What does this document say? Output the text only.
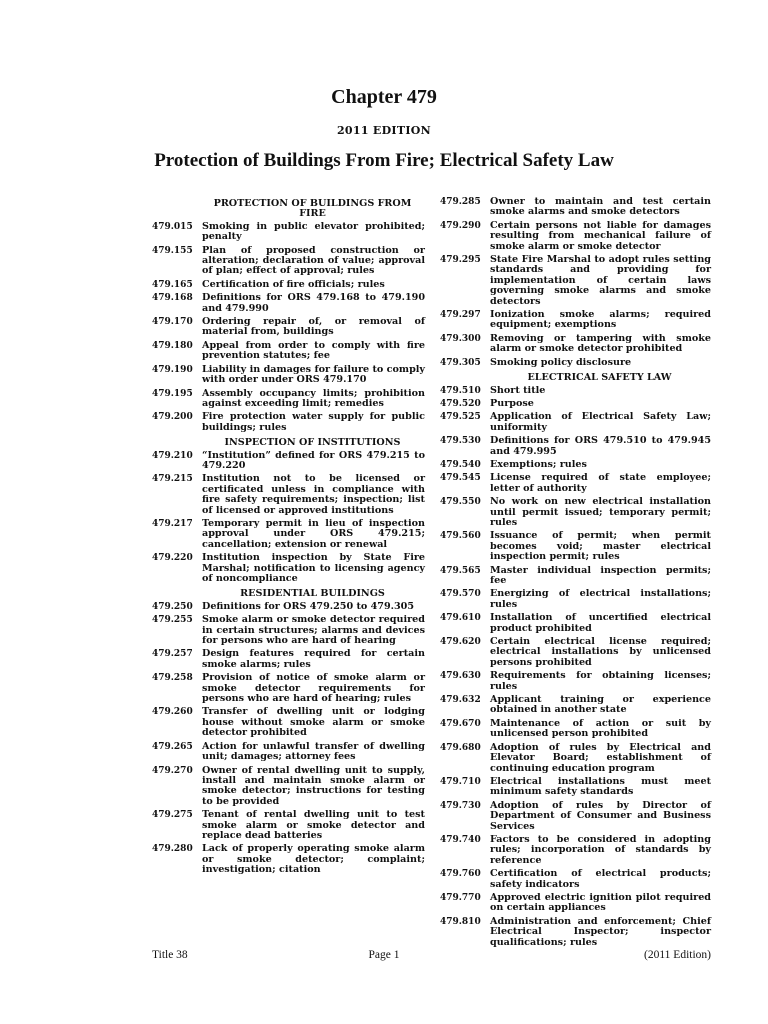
Chapter 479
2011 EDITION
Protection of Buildings From Fire; Electrical Safety Law
PROTECTION OF BUILDINGS FROM FIRE
479.015 Smoking in public elevator prohibited; penalty
479.155 Plan of proposed construction or alteration; declaration of value; approval of plan; effect of approval; rules
479.165 Certification of fire officials; rules
479.168 Definitions for ORS 479.168 to 479.190 and 479.990
479.170 Ordering repair of, or removal of material from, buildings
479.180 Appeal from order to comply with fire prevention statutes; fee
479.190 Liability in damages for failure to comply with order under ORS 479.170
479.195 Assembly occupancy limits; prohibition against exceeding limit; remedies
479.200 Fire protection water supply for public buildings; rules
INSPECTION OF INSTITUTIONS
479.210 “Institution” defined for ORS 479.215 to 479.220
479.215 Institution not to be licensed or certificated unless in compliance with fire safety requirements; inspection; list of licensed or approved institutions
479.217 Temporary permit in lieu of inspection approval under ORS 479.215; cancellation; extension or renewal
479.220 Institution inspection by State Fire Marshal; notification to licensing agency of noncompliance
RESIDENTIAL BUILDINGS
479.250 Definitions for ORS 479.250 to 479.305
479.255 Smoke alarm or smoke detector required in certain structures; alarms and devices for persons who are hard of hearing
479.257 Design features required for certain smoke alarms; rules
479.258 Provision of notice of smoke alarm or smoke detector requirements for persons who are hard of hearing; rules
479.260 Transfer of dwelling unit or lodging house without smoke alarm or smoke detector prohibited
479.265 Action for unlawful transfer of dwelling unit; damages; attorney fees
479.270 Owner of rental dwelling unit to supply, install and maintain smoke alarm or smoke detector; instructions for testing to be provided
479.275 Tenant of rental dwelling unit to test smoke alarm or smoke detector and replace dead batteries
479.280 Lack of properly operating smoke alarm or smoke detector; complaint; investigation; citation
479.285 Owner to maintain and test certain smoke alarms and smoke detectors
479.290 Certain persons not liable for damages resulting from mechanical failure of smoke alarm or smoke detector
479.295 State Fire Marshal to adopt rules setting standards and providing for implementation of certain laws governing smoke alarms and smoke detectors
479.297 Ionization smoke alarms; required equipment; exemptions
479.300 Removing or tampering with smoke alarm or smoke detector prohibited
479.305 Smoking policy disclosure
ELECTRICAL SAFETY LAW
479.510 Short title
479.520 Purpose
479.525 Application of Electrical Safety Law; uniformity
479.530 Definitions for ORS 479.510 to 479.945 and 479.995
479.540 Exemptions; rules
479.545 License required of state employee; letter of authority
479.550 No work on new electrical installation until permit issued; temporary permit; rules
479.560 Issuance of permit; when permit becomes void; master electrical inspection permit; rules
479.565 Master individual inspection permits; fee
479.570 Energizing of electrical installations; rules
479.610 Installation of uncertified electrical product prohibited
479.620 Certain electrical license required; electrical installations by unlicensed persons prohibited
479.630 Requirements for obtaining licenses; rules
479.632 Applicant training or experience obtained in another state
479.670 Maintenance of action or suit by unlicensed person prohibited
479.680 Adoption of rules by Electrical and Elevator Board; establishment of continuing education program
479.710 Electrical installations must meet minimum safety standards
479.730 Adoption of rules by Director of Department of Consumer and Business Services
479.740 Factors to be considered in adopting rules; incorporation of standards by reference
479.760 Certification of electrical products; safety indicators
479.770 Approved electric ignition pilot required on certain appliances
479.810 Administration and enforcement; Chief Electrical Inspector; inspector qualifications; rules
Title 38	Page 1	(2011 Edition)
